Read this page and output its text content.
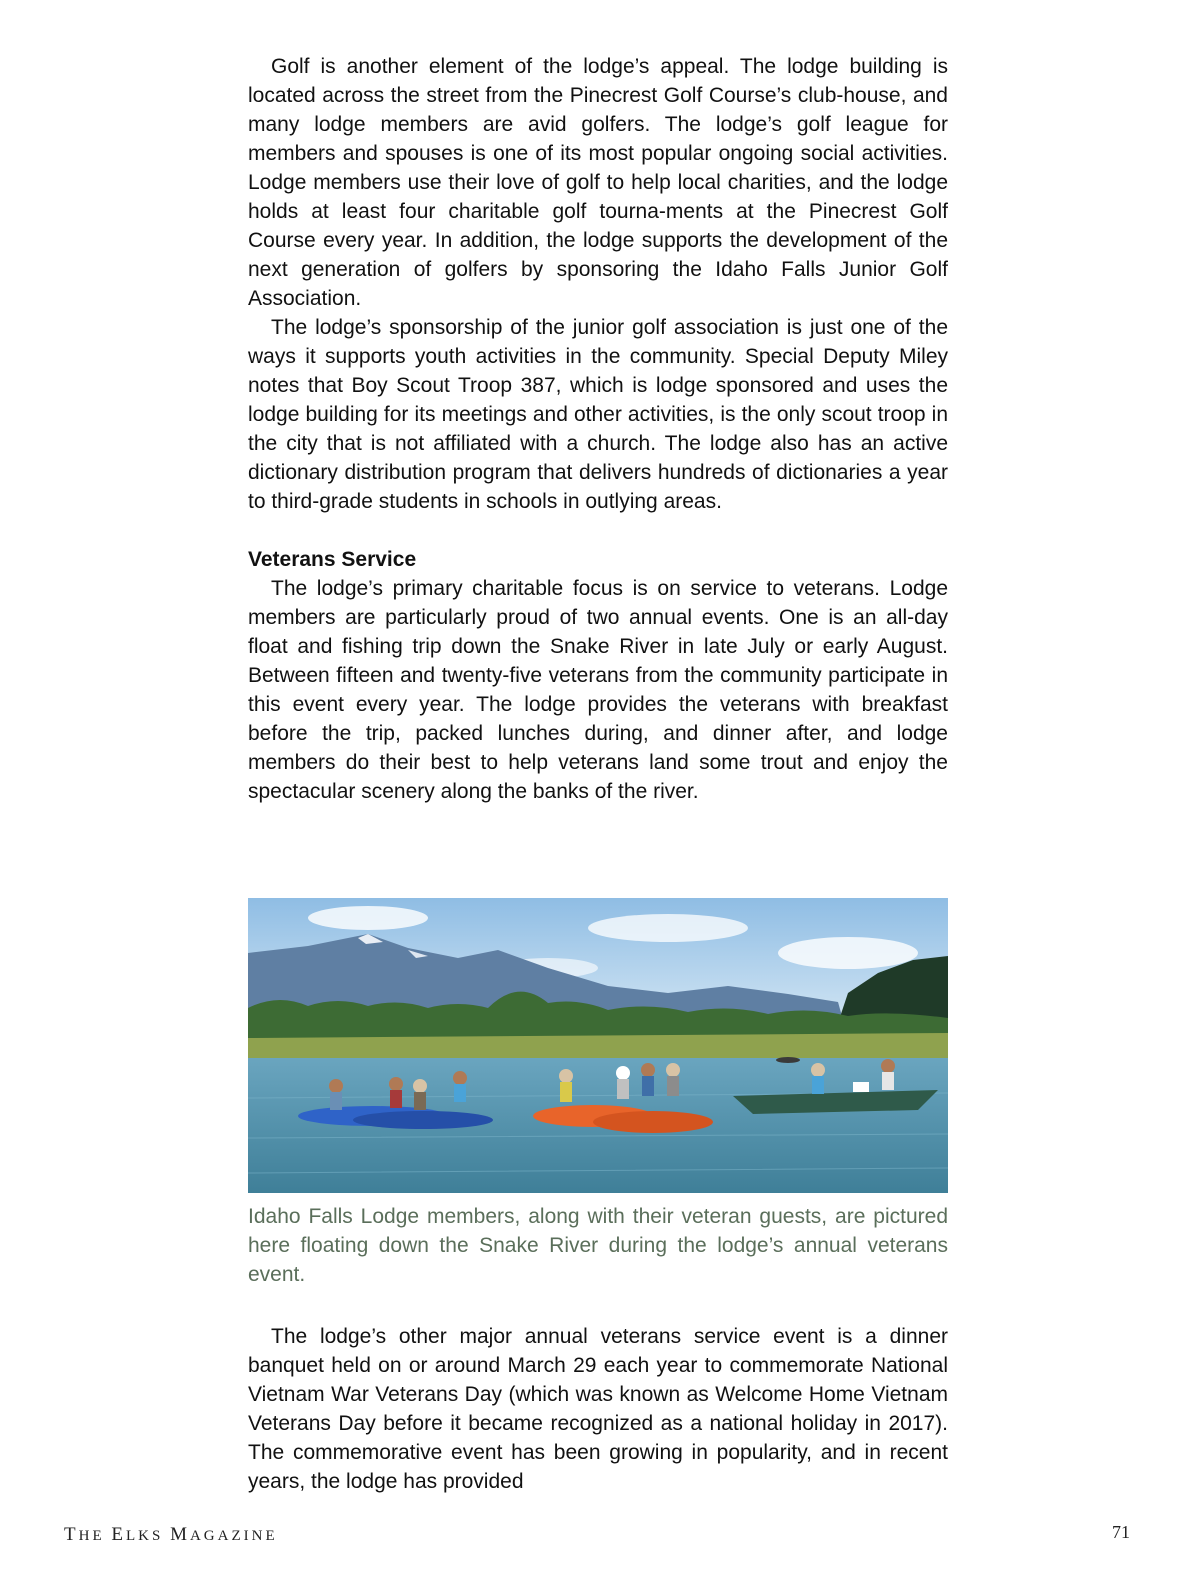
Golf is another element of the lodge’s appeal. The lodge building is located across the street from the Pinecrest Golf Course’s club-house, and many lodge members are avid golfers. The lodge’s golf league for members and spouses is one of its most popular ongoing social activities. Lodge members use their love of golf to help local charities, and the lodge holds at least four charitable golf tourna-ments at the Pinecrest Golf Course every year. In addition, the lodge supports the development of the next generation of golfers by sponsoring the Idaho Falls Junior Golf Association.

The lodge’s sponsorship of the junior golf association is just one of the ways it supports youth activities in the community. Special Deputy Miley notes that Boy Scout Troop 387, which is lodge sponsored and uses the lodge building for its meetings and other activities, is the only scout troop in the city that is not affiliated with a church. The lodge also has an active dictionary distribution program that delivers hundreds of dictionaries a year to third-grade students in schools in outlying areas.

Veterans Service

The lodge’s primary charitable focus is on service to veterans. Lodge members are particularly proud of two annual events. One is an all-day float and fishing trip down the Snake River in late July or early August. Between fifteen and twenty-five veterans from the community participate in this event every year. The lodge provides the veterans with breakfast before the trip, packed lunches during, and dinner after, and lodge members do their best to help veterans land some trout and enjoy the spectacular scenery along the banks of the river.

Idaho Falls Lodge members, along with their veteran guests, are pictured here floating down the Snake River during the lodge’s annual veterans event.

The lodge’s other major annual veterans service event is a dinner banquet held on or around March 29 each year to commemorate National Vietnam War Veterans Day (which was known as Welcome Home Vietnam Veterans Day before it became recognized as a national holiday in 2017). The commemorative event has been growing in popularity, and in recent years, the lodge has provided

THE ELKS MAGAZINE	71
